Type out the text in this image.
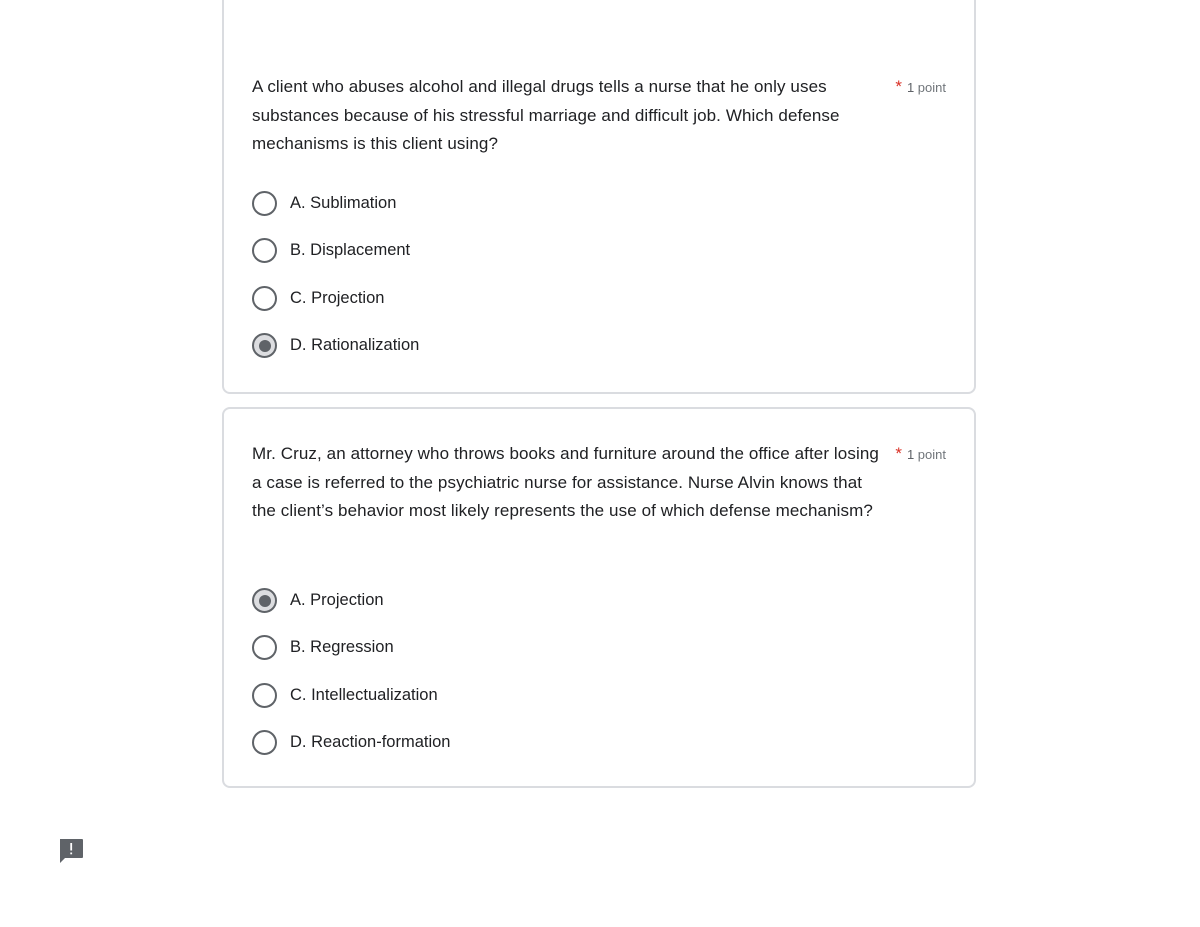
A client who abuses alcohol and illegal drugs tells a nurse that he only uses substances because of his stressful marriage and difficult job. Which defense mechanisms is this client using?
* 1 point
A. Sublimation
B. Displacement
C. Projection
D. Rationalization
Mr. Cruz, an attorney who throws books and furniture around the office after losing a case is referred to the psychiatric nurse for assistance. Nurse Alvin knows that the client’s behavior most likely represents the use of which defense mechanism?
* 1 point
A. Projection
B. Regression
C. Intellectualization
D. Reaction-formation
